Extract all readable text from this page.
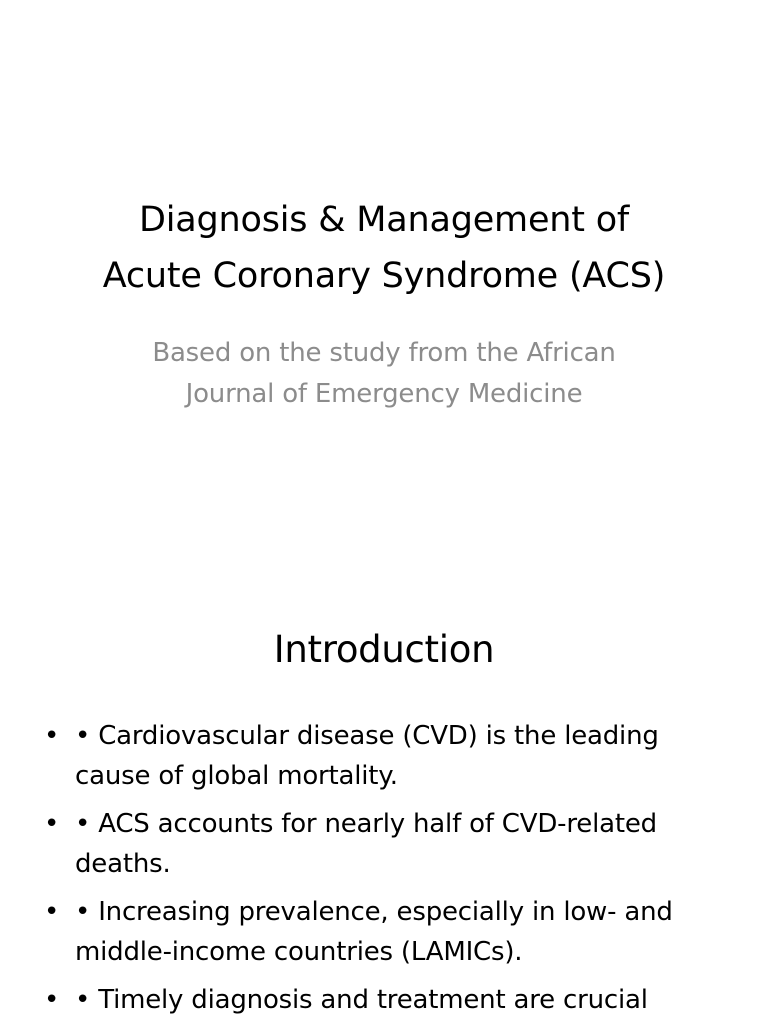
Diagnosis & Management of
Acute Coronary Syndrome (ACS)
Based on the study from the African
Journal of Emergency Medicine
Introduction
• • Cardiovascular disease (CVD) is the leading cause of global mortality.
• • ACS accounts for nearly half of CVD-related deaths.
• • Increasing prevalence, especially in low- and middle-income countries (LAMICs).
• • Timely diagnosis and treatment are crucial
